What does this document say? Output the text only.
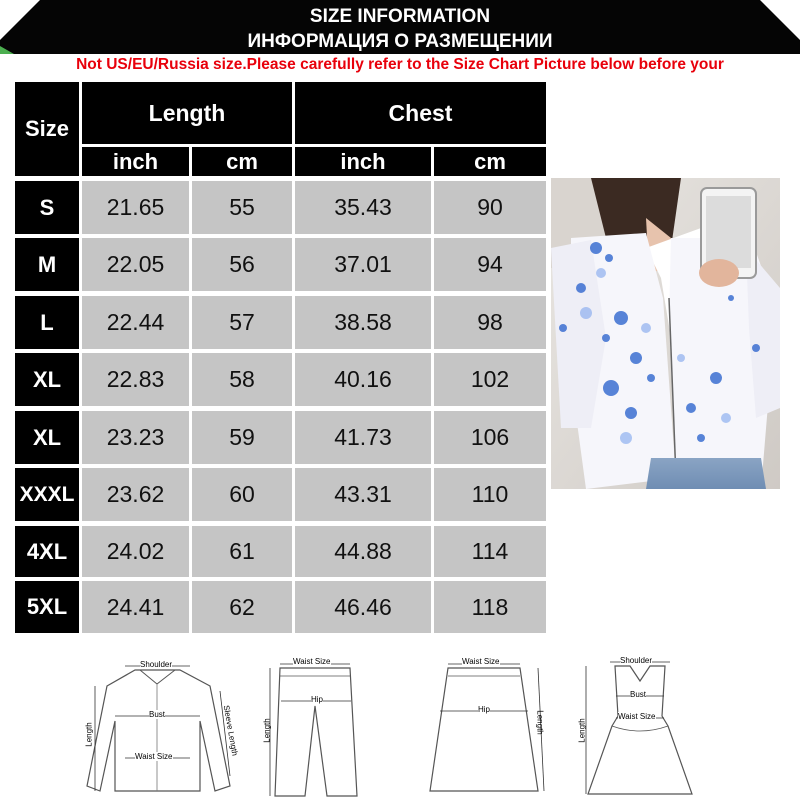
SIZE INFORMATION
ИНФОРМАЦИЯ О РАЗМЕЩЕНИИ
Not US/EU/Russia size.Please carefully refer to the Size Chart Picture below before your
Size
Length	Chest
inch	cm	inch	cm
S 21.65	55	35.43	90
M 22.05	56	37.01	94
L 22.44	57	38.58	98
XL 22.83	58	40.16	102
XL 23.23	59	41.73	106
XXXL 23.62	60	43.31	110
4XL 24.02	61	44.88	114
5XL 24.41	62	46.46	118
Shoulder
Bust
Waist Size
Length	Sleeve Length
Waist Size
Hip
Length
Waist Size
Hip
Length
Shoulder
Bust
Waist Size
Length
